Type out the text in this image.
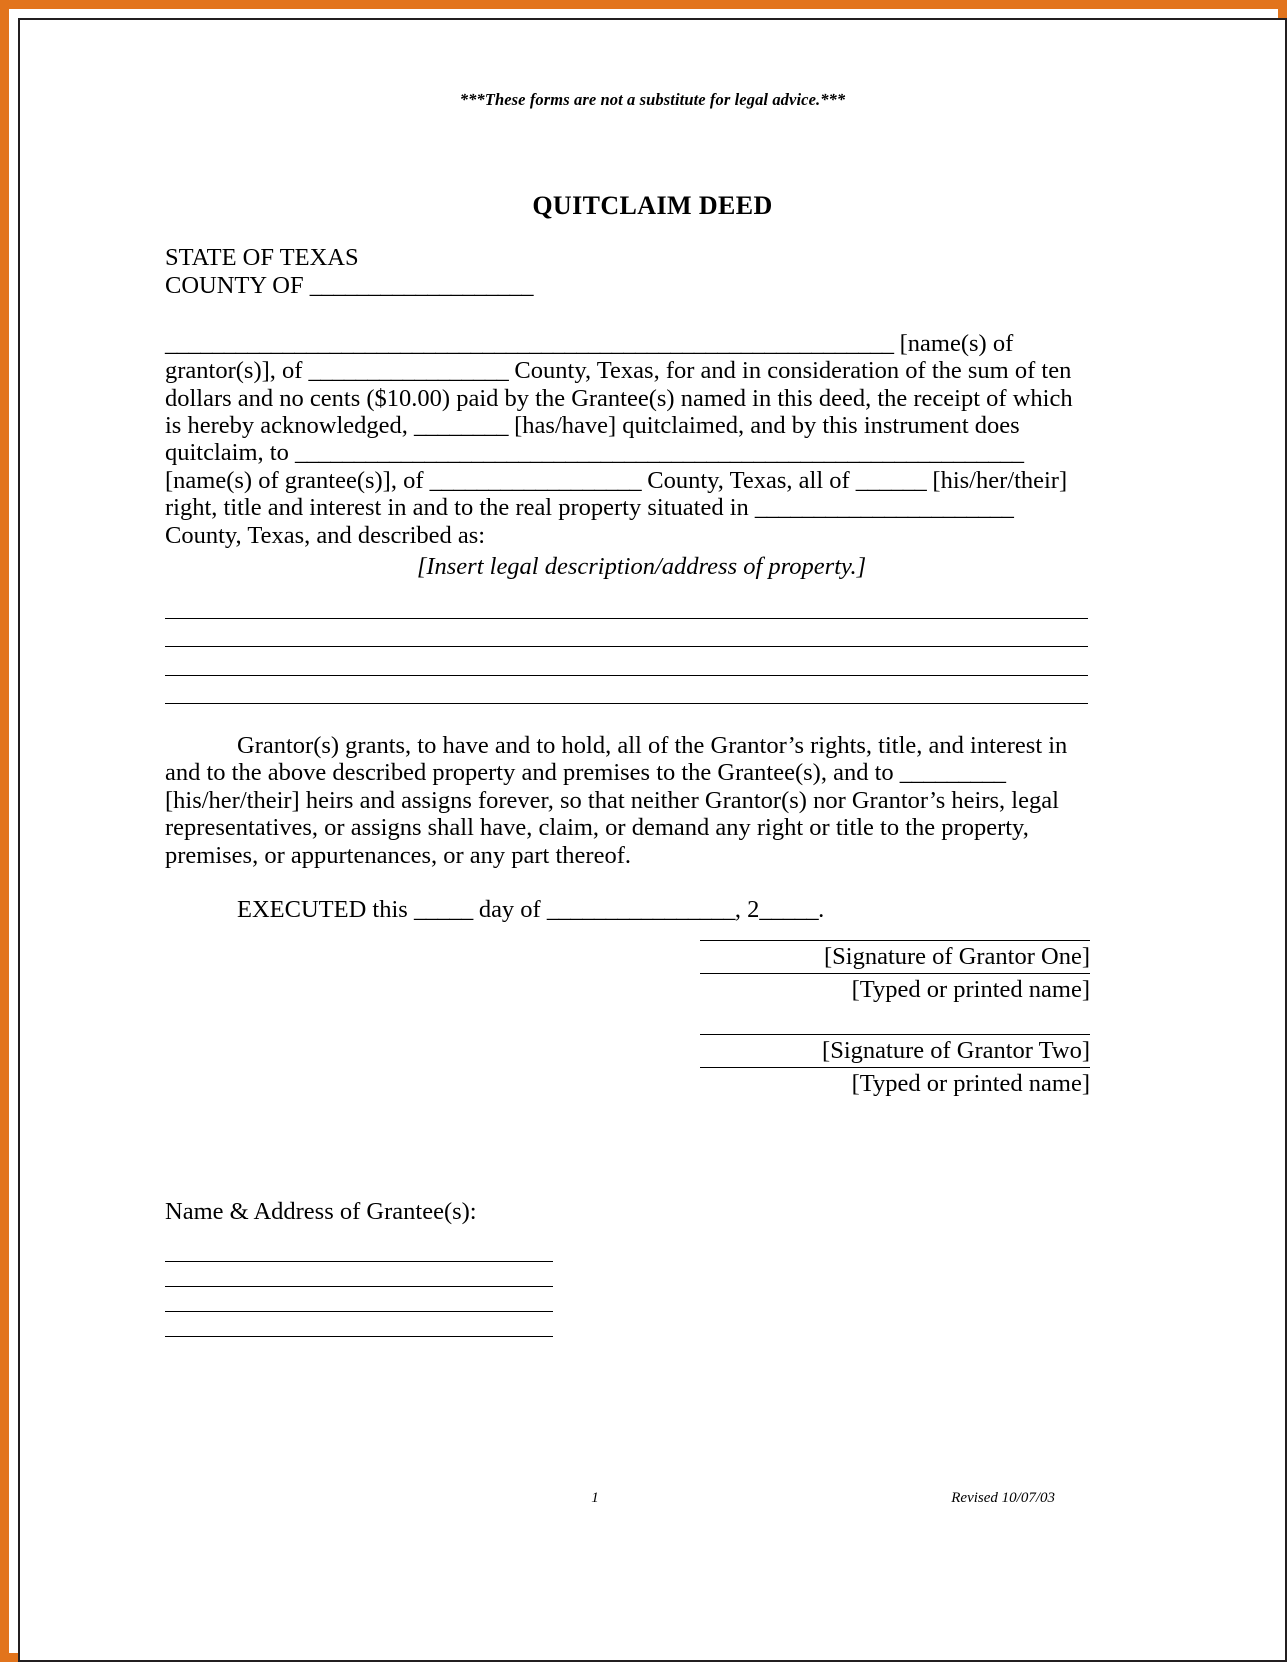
***These forms are not a substitute for legal advice.***
QUITCLAIM DEED
STATE OF TEXAS
COUNTY OF ___________________
______________________________________________________________ [name(s) of grantor(s)], of _________________ County, Texas, for and in consideration of the sum of ten dollars and no cents ($10.00) paid by the Grantee(s) named in this deed, the receipt of which is hereby acknowledged, ________ [has/have] quitclaimed, and by this instrument does quitclaim, to ______________________________________________________________ [name(s) of grantee(s)], of __________________ County, Texas, all of ______ [his/her/their] right, title and interest in and to the real property situated in ______________________ County, Texas, and described as:
[Insert legal description/address of property.]
Grantor(s) grants, to have and to hold, all of the Grantor’s rights, title, and interest in and to the above described property and premises to the Grantee(s), and to _________ [his/her/their] heirs and assigns forever, so that neither Grantor(s) nor Grantor’s heirs, legal representatives, or assigns shall have, claim, or demand any right or title to the property, premises, or appurtenances, or any part thereof.
EXECUTED this _____ day of ________________, 2_____.
[Signature of Grantor One]
[Typed or printed name]
[Signature of Grantor Two]
[Typed or printed name]
Name & Address of Grantee(s):
1	Revised 10/07/03
